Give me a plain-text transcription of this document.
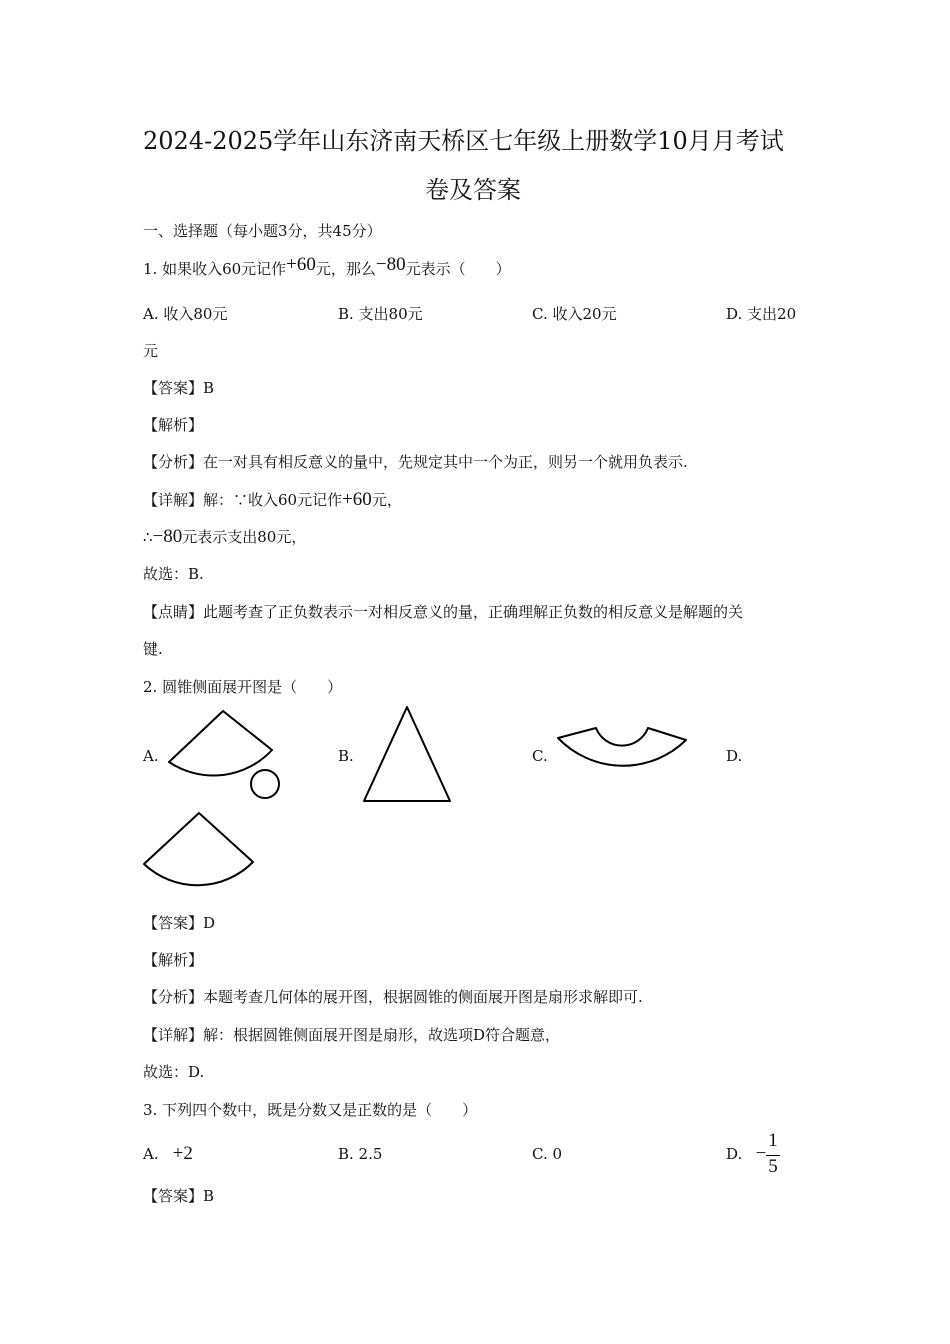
2024-2025学年山东济南天桥区七年级上册数学10月月考试
卷及答案
一、选择题（每小题3分，共45分）
1. 如果收入60元记作+60元，那么−80元表示（　　）
A. 收入80元	B. 支出80元	C. 收入20元	D. 支出20
元
【答案】B
【解析】
【分析】在一对具有相反意义的量中，先规定其中一个为正，则另一个就用负表示.
【详解】解：∵收入60元记作+60元，
∴−80元表示支出80元，
故选：B.
【点睛】此题考查了正负数表示一对相反意义的量，正确理解正负数的相反意义是解题的关
键.
2. 圆锥侧面展开图是（　　）
A.	B.	C.	D.
【答案】D
【解析】
【分析】本题考查几何体的展开图，根据圆锥的侧面展开图是扇形求解即可.
【详解】解：根据圆锥侧面展开图是扇形，故选项D符合题意，
故选：D.
3. 下列四个数中，既是分数又是正数的是（　　）
A. +2	B. 2.5	C. 0	D. −
1
5
【答案】B
